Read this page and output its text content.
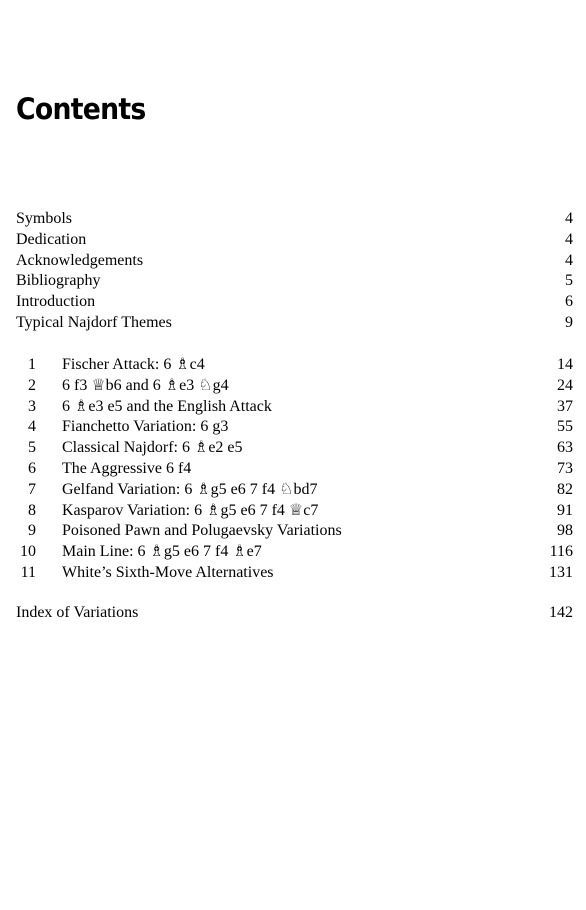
Contents
Symbols	4
Dedication	4
Acknowledgements	4
Bibliography	5
Introduction	6
Typical Najdorf Themes	9
1 Fischer Attack: 6 ♗c4	14
2 6 f3 ♕b6 and 6 ♗e3 ♘g4	24
3 6 ♗e3 e5 and the English Attack	37
4 Fianchetto Variation: 6 g3	55
5 Classical Najdorf: 6 ♗e2 e5	63
6 The Aggressive 6 f4	73
7 Gelfand Variation: 6 ♗g5 e6 7 f4 ♘bd7	82
8 Kasparov Variation: 6 ♗g5 e6 7 f4 ♕c7	91
9 Poisoned Pawn and Polugaevsky Variations	98
10 Main Line: 6 ♗g5 e6 7 f4 ♗e7	116
11 White’s Sixth-Move Alternatives	131
Index of Variations	142
